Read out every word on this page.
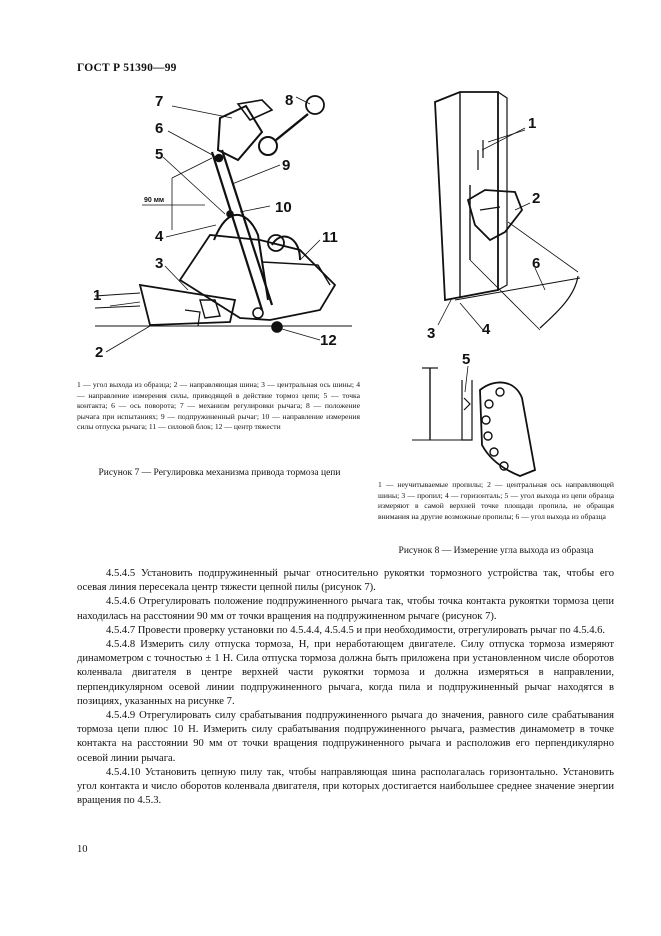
ГОСТ Р 51390—99
7
6
5
8
9
10
4	11
3
1
2
12
90 мм
1
2
6
3	4
5
1 — угол выхода из образца; 2 — направляющая шина; 3 — центральная ось шины; 4 — направление измерения силы, приводящей в действие тормоз цепи; 5 — точка контакта; 6 — ось поворота; 7 — механизм регулировки рычага; 8 — положение рычага при испытаниях; 9 — подпружиненный рычаг; 10 — направление измерения силы отпуска рычага; 11 — силовой блок; 12 — центр тяжести
Рисунок 7 — Регулировка механизма привода тормоза цепи
1 — неучитываемые пропилы; 2 — центральная ось направляющей шины; 3 — пропил; 4 — горизонталь; 5 — угол выхода из цепи образца измеряют в самой верхней точке площади пропила, не обращая внимания на другие возможные пропилы; 6 — угол выхода из образца
Рисунок 8 — Измерение угла выхода из образца

4.5.4.5 Установить подпружиненный рычаг относительно рукоятки тормозного устройства так, чтобы его осевая линия пересекала центр тяжести цепной пилы (рисунок 7).

4.5.4.6 Отрегулировать положение подпружиненного рычага так, чтобы точка контакта рукоятки тормоза цепи находилась на расстоянии 90 мм от точки вращения на подпружиненном рычаге (рисунок 7).

4.5.4.7 Провести проверку установки по 4.5.4.4, 4.5.4.5 и при необходимости, отрегулировать рычаг по 4.5.4.6.

4.5.4.8 Измерить силу отпуска тормоза, Н, при неработающем двигателе. Силу отпуска тормоза измеряют динамометром с точностью ± 1 Н. Сила отпуска тормоза должна быть приложена при установленном числе оборотов коленвала двигателя в центре верхней части рукоятки тормоза и должна измеряться в направлении, перпендикулярном осевой линии подпружиненного рычага, когда пила и подпружиненный рычаг находятся в позициях, указанных на рисунке 7.

4.5.4.9 Отрегулировать силу срабатывания подпружиненного рычага до значения, равного силе срабатывания тормоза цепи плюс 10 Н. Измерить силу срабатывания подпружиненного рычага, разместив динамометр в точке контакта на расстоянии 90 мм от точки вращения подпружиненного рычага и расположив его перпендикулярно осевой линии рычага.

4.5.4.10 Установить цепную пилу так, чтобы направляющая шина располагалась горизонтально. Установить угол контакта и число оборотов коленвала двигателя, при которых достигается наибольшее среднее значение энергии вращения по 4.5.3.

10
